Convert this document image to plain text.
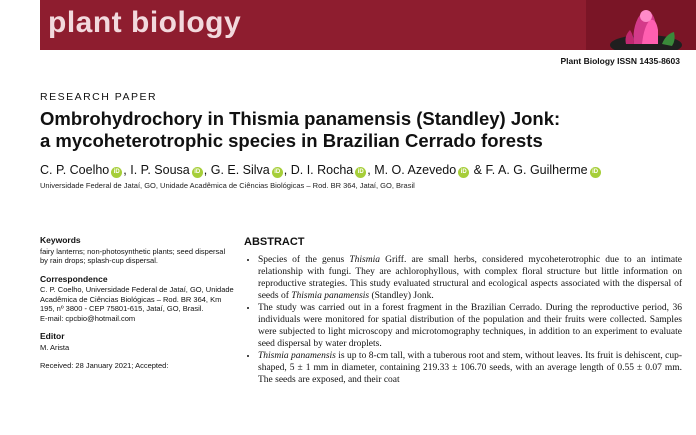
plant biology
Plant Biology ISSN 1435-8603
RESEARCH PAPER
Ombrohydrochory in Thismia panamensis (Standley) Jonk:
a mycoheterotrophic species in Brazilian Cerrado forests
C. P. Coelho iD , I. P. Sousa iD , G. E. Silva iD , D. I. Rocha iD , M. O. Azevedo iD & F. A. G. Guilherme iD
Universidade Federal de Jataí, GO, Unidade Acadêmica de Ciências Biológicas – Rod. BR 364, Jataí, GO, Brasil
Keywords
fairy lanterns; non-photosynthetic plants; seed dispersal by rain drops; splash-cup dispersal.
Correspondence
C. P. Coelho, Universidade Federal de Jataí, GO, Unidade Acadêmica de Ciências Biológicas – Rod. BR 364, Km 195, nº 3800 - CEP 75801-615, Jataí, GO, Brasil.
E-mail: cpcbio@hotmail.com
Editor
M. Arista
Received: 28 January 2021; Accepted:
ABSTRACT
• Species of the genus Thismia Griff. are small herbs, considered mycoheterotrophic due to an intimate relationship with fungi. They are achlorophyllous, with complex floral structure but little information on reproductive strategies. This study evaluated structural and ecological aspects associated with the dispersal of seeds of Thismia panamensis (Standley) Jonk.
• The study was carried out in a forest fragment in the Brazilian Cerrado. During the reproductive period, 36 individuals were monitored for spatial distribution of the population and their fruits were collected. Samples were subjected to light microscopy and microtomography techniques, in addition to an experiment to evaluate seed dispersal by water droplets.
• Thismia panamensis is up to 8-cm tall, with a tuberous root and stem, without leaves. Its fruit is dehiscent, cup-shaped, 5 ± 1 mm in diameter, containing 219.33 ± 106.70 seeds, with an average length of 0.55 ± 0.07 mm. The seeds are exposed, and their coat
